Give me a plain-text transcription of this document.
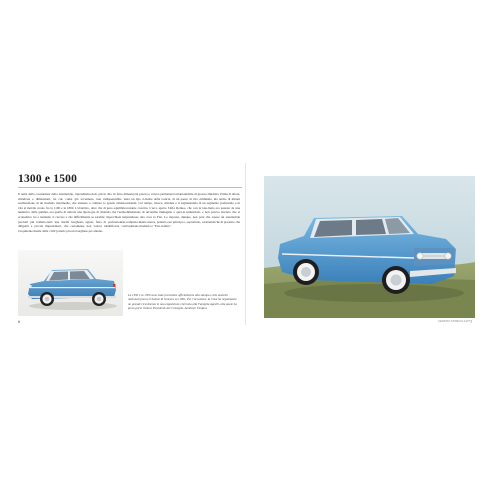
1300 e 1500
Il tema della costruzione della automobile, riprendiamo-dolo più in alto in fatto di cilindrata e dimensioni, tra cui, come già accennato, non indispensabile la realizzazione di un modello intermedio, che andasse a colmare lo spazio rimasto vita al mobile creato fra la 1100 e la 1800. L'obiettivo, oltre che di puro equilibrio numerico della gamma, era quello di attirare una tipolo-gia di clientela che l'uomo economico tra a tantando ci cercare e che difficilmente se sarebbe rispecchiata nei prodotti più tradizio-nali: una media borghesia agiata, fatta di professionisti, dirigenti e piccoli imprenditori, che certamente non voleva identificarsi con l'acquirente media della 1100 (ceteris piccola borghese per antono-
masia) né poteva o voleva permettersi un'automobile di grossa cilindrata. Prima di allora, era un tipo ci-liente della Lancia, di un paese di vita culminale, ma anche di mitoni esistenti. Col tempo, invece, divenne e il segmentando di un segmento preferendo e in costante crescita. L'arco aperto l'Alfa Romeo, che con la Giu-lietta era passata da una dimensione di un'ottima immagine a quel-la industriale, e non poteva lasciare che si prendesse una cosa la Fiat. La risposta, dunque, non poté che essere un automobile completa-mente nuova, pensata con principi e, soprattutto, caratteristiche di prodotto che l'opinione moderna e "Fiat-ciatina".
La 1300 e la 1500 sono state presentate ufficialmente alla stampa e alle autorità nazionali presso il Salone di Ginevra nel 1961. Per l'occasione, la Casa ha organizzato un grande ricevimento in una esposizione riservata alla Famiglia Agnelli, alla quale ha preso parte l'allora Presidente del Consiglio, Amintore Fanfani.
6	CENTRO STORICO FIAT 7
